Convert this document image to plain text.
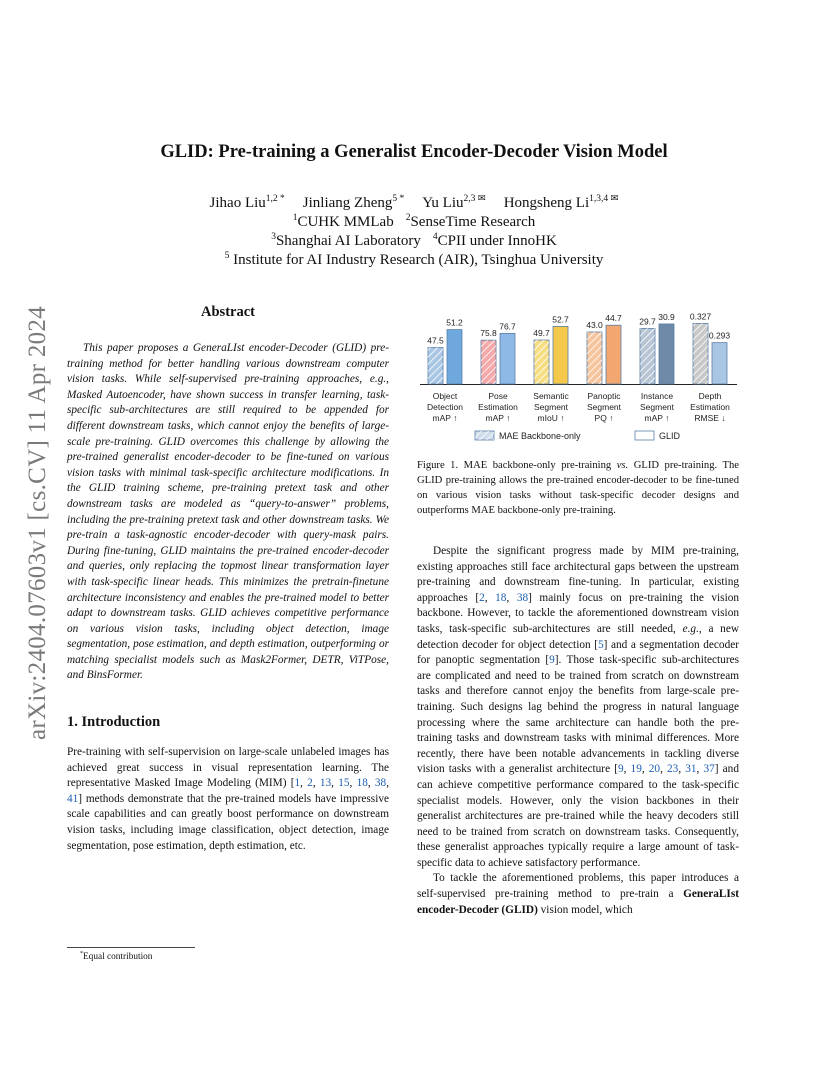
arXiv:2404.07603v1 [cs.CV] 11 Apr 2024
GLID: Pre-training a Generalist Encoder-Decoder Vision Model
Jihao Liu$^{1,2 *}$ Jinliang Zheng$^{5 *}$ Yu Liu$^{2,3 ✉}$ Hongsheng $Li^{1,3,4 ✉}$
$^1$CUHK MMLab $^2$SenseTime Research
$^3$Shanghai AI Laboratory $^4$CPII under InnoHK
$^5$ Institute for AI Industry Research (AIR), Tsinghua University
Abstract

This paper proposes a GeneraLIst encoder-Decoder (GLID) pre-training method for better handling various downstream computer vision tasks. While self-supervised pre-training approaches, e.g., Masked Autoencoder, have shown success in transfer learning, task-specific sub-architectures are still required to be appended for different downstream tasks, which cannot enjoy the benefits of large-scale pre-training. GLID overcomes this challenge by allowing the pre-trained generalist encoder-decoder to be fine-tuned on various vision tasks with minimal task-specific architecture modifications. In the GLID training scheme, pre-training pretext task and other downstream tasks are modeled as “query-to-answer” problems, including the pre-training pretext task and other downstream tasks. We pre-train a task-agnostic encoder-decoder with query-mask pairs. During fine-tuning, GLID maintains the pre-trained encoder-decoder and queries, only replacing the topmost linear transformation layer with task-specific linear heads. This minimizes the pretrain-finetune architecture inconsistency and enables the pre-trained model to better adapt to downstream tasks. GLID achieves competitive performance on various vision tasks, including object detection, image segmentation, pose estimation, and depth estimation, outperforming or matching specialist models such as Mask2Former, DETR, ViTPose, and BinsFormer.

1. Introduction

Pre-training with self-supervision on large-scale unlabeled images has achieved great success in visual representation learning. The representative Masked Image Modeling (MIM) [1, 2, 13, 15, 18, 38, 41] methods demonstrate that the pre-trained models have impressive scale capabilities and can greatly boost performance on downstream vision tasks, including image classification, object detection, image segmentation, pose estimation, depth estimation, etc.

*Equal contribution
47.5
51.2
Object
Detection
mAP ↑
75.8
76.7
Pose
Estimation
mAP ↑
49.7
52.7
Semantic
Segment
mIoU ↑
43.0
44.7
Panoptic
Segment
PQ ↑
29.7 30.9
Instance
Segment
mAP ↑
0.327
0.293
Depth
Estimation
RMSE ↓
MAE Backbone-only	GLID

Figure 1. MAE backbone-only pre-training vs. GLID pre-training. The GLID pre-training allows the pre-trained encoder-decoder to be fine-tuned on various vision tasks without task-specific decoder designs and outperforms MAE backbone-only pre-training.

Despite the significant progress made by MIM pre-training, existing approaches still face architectural gaps between the upstream pre-training and downstream fine-tuning. In particular, existing approaches [2, 18, 38] mainly focus on pre-training the vision backbone. However, to tackle the aforementioned downstream vision tasks, task-specific sub-architectures are still needed, e.g., a new detection decoder for object detection [5] and a segmentation decoder for panoptic segmentation [9]. Those task-specific sub-architectures are complicated and need to be trained from scratch on downstream tasks and therefore cannot enjoy the benefits from large-scale pre-training. Such designs lag behind the progress in natural language processing where the same architecture can handle both the pre-training tasks and downstream tasks with minimal differences. More recently, there have been notable advancements in tackling diverse vision tasks with a generalist architecture [9, 19, 20, 23, 31, 37] and can achieve competitive performance compared to the task-specific specialist models. However, only the vision backbones in their generalist architectures are pre-trained while the heavy decoders still need to be trained from scratch on downstream tasks. Consequently, these generalist approaches typically require a large amount of task-specific data to achieve satisfactory performance.

To tackle the aforementioned problems, this paper introduces a self-supervised pre-training method to pre-train a GeneraLIst encoder-Decoder (GLID) vision model, which
